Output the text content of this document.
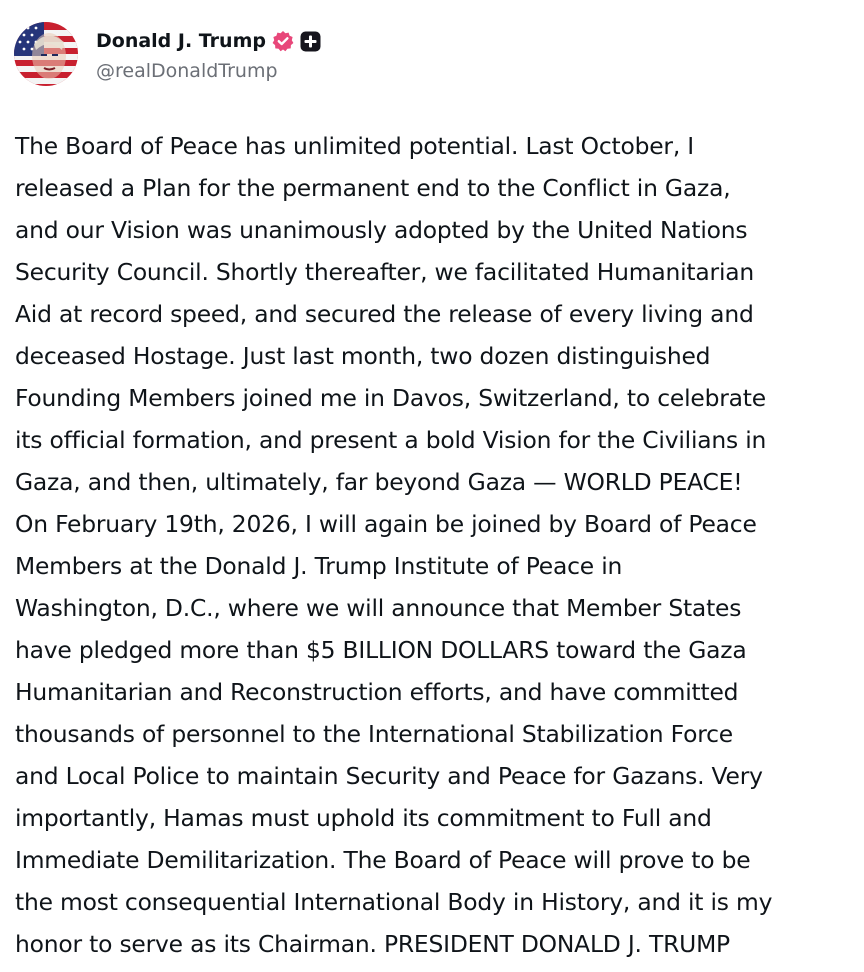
Donald J. Trump
@realDonaldTrump

The Board of Peace has unlimited potential. Last October, I
released a Plan for the permanent end to the Conflict in Gaza,
and our Vision was unanimously adopted by the United Nations
Security Council. Shortly thereafter, we facilitated Humanitarian
Aid at record speed, and secured the release of every living and
deceased Hostage. Just last month, two dozen distinguished
Founding Members joined me in Davos, Switzerland, to celebrate
its official formation, and present a bold Vision for the Civilians in
Gaza, and then, ultimately, far beyond Gaza — WORLD PEACE!
On February 19th, 2026, I will again be joined by Board of Peace
Members at the Donald J. Trump Institute of Peace in
Washington, D.C., where we will announce that Member States
have pledged more than $5 BILLION DOLLARS toward the Gaza
Humanitarian and Reconstruction efforts, and have committed
thousands of personnel to the International Stabilization Force
and Local Police to maintain Security and Peace for Gazans. Very
importantly, Hamas must uphold its commitment to Full and
Immediate Demilitarization. The Board of Peace will prove to be
the most consequential International Body in History, and it is my
honor to serve as its Chairman. PRESIDENT DONALD J. TRUMP
